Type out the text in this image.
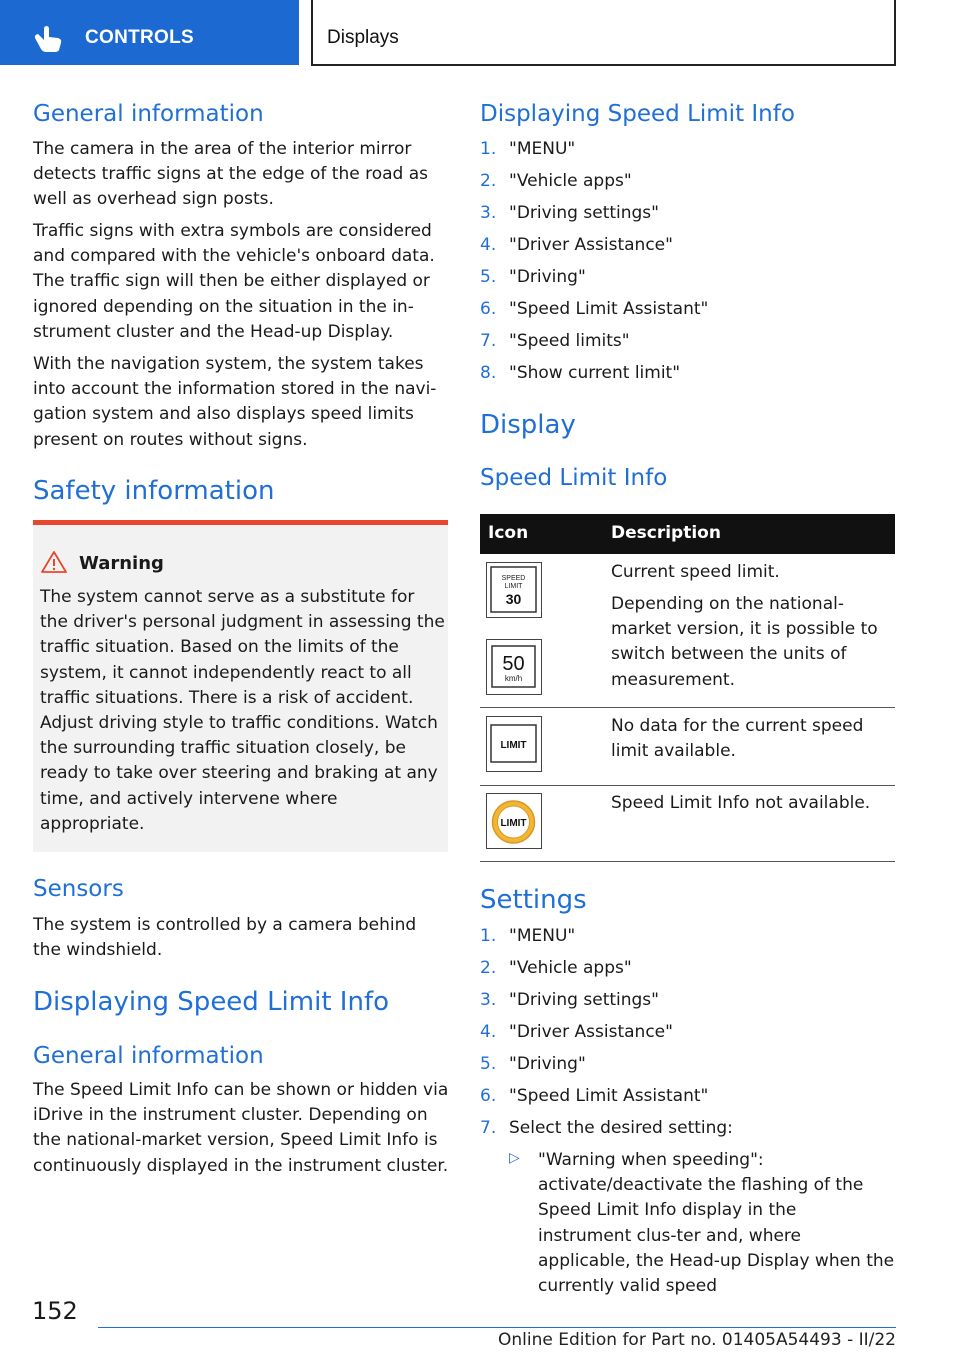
CONTROLS	Displays
General information
The camera in the area of the interior mirror detects traffic signs at the edge of the road as well as overhead sign posts.
Traffic signs with extra symbols are considered and compared with the vehicle's onboard data. The traffic sign will then be either displayed or ignored depending on the situation in the in‐strument cluster and the Head-up Display.
With the navigation system, the system takes into account the information stored in the navi‐gation system and also displays speed limits present on routes without signs.
Safety information
Warning
The system cannot serve as a substitute for the driver's personal judgment in assessing the traffic situation. Based on the limits of the system, it cannot independently react to all traffic situations. There is a risk of accident. Adjust driving style to traffic conditions. Watch the surrounding traffic situation closely, be ready to take over steering and braking at any time, and actively intervene where appropriate.
Sensors
The system is controlled by a camera behind the windshield.
Displaying Speed Limit Info
General information
The Speed Limit Info can be shown or hidden via iDrive in the instrument cluster. Depending on the national-market version, Speed Limit Info is continuously displayed in the instrument cluster.
Displaying Speed Limit Info
1. "MENU"
2. "Vehicle apps"
3. "Driving settings"
4. "Driver Assistance"
5. "Driving"
6. "Speed Limit Assistant"
7. "Speed limits"
8. "Show current limit"
Display
Speed Limit Info
Icon	Description
SPEED
LIMIT
30
50
km/h
Current speed limit.
Depending on the national-market version, it is possible to switch between the units of measurement.
LIMIT
No data for the current speed limit available.
LIMIT
Speed Limit Info not available.
Settings
1. "MENU"
2. "Vehicle apps"
3. "Driving settings"
4. "Driver Assistance"
5. "Driving"
6. "Speed Limit Assistant"
7. Select the desired setting:
▷ "Warning when speeding": activate/deactivate the flashing of the Speed Limit Info display in the instrument clus‐ter and, where applicable, the Head-up Display when the currently valid speed
152
Online Edition for Part no. 01405A54493 - II/22
